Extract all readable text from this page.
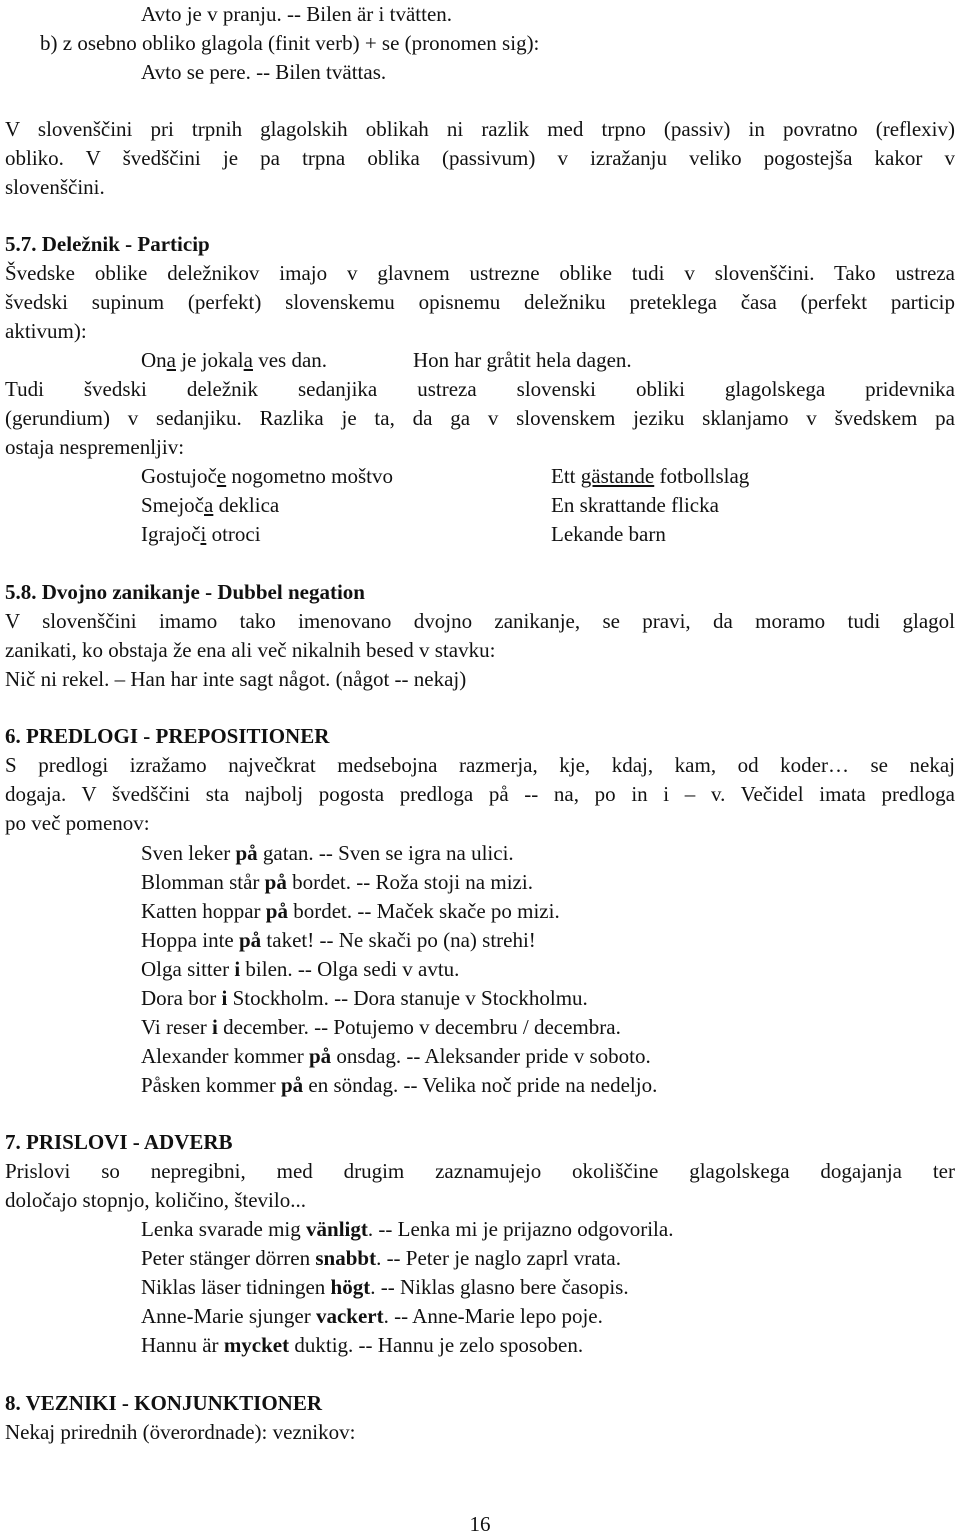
Avto je v pranju. -- Bilen är i tvätten.
b) z osebno obliko glagola (finit verb) + se (pronomen sig):
Avto se pere. -- Bilen tvättas.
V slovenščini pri trpnih glagolskih oblikah ni razlik med trpno (passiv) in povratno (reflexiv)
obliko. V švedščini je pa trpna oblika (passivum) v izražanju veliko pogostejša kakor v
slovenščini.
5.7. Deležnik - Particip
Švedske oblike deležnikov imajo v glavnem ustrezne oblike tudi v slovenščini. Tako ustreza
švedski supinum (perfekt) slovenskemu opisnemu deležniku preteklega časa (perfekt particip
aktivum):
Ona je jokala ves dan.	Hon har gråtit hela dagen.
Tudi švedski deležnik sedanjika ustreza slovenski obliki glagolskega pridevnika
(gerundium) v sedanjiku. Razlika je ta, da ga v slovenskem jeziku sklanjamo v švedskem pa
ostaja nespremenljiv:
Gostujoče nogometno moštvo	Ett gästande fotbollslag
Smejoča deklica	En skrattande flicka
Igrajoči otroci	Lekande barn
5.8. Dvojno zanikanje - Dubbel negation
V slovenščini imamo tako imenovano dvojno zanikanje, se pravi, da moramo tudi glagol
zanikati, ko obstaja že ena ali več nikalnih besed v stavku:
Nič ni rekel. – Han har inte sagt något. (något -- nekaj)
6. PREDLOGI - PREPOSITIONER
S predlogi izražamo največkrat medsebojna razmerja, kje, kdaj, kam, od koder… se nekaj
dogaja. V švedščini sta najbolj pogosta predloga på -- na, po in i – v. Večidel imata predloga
po več pomenov:
Sven leker på gatan. -- Sven se igra na ulici.
Blomman står på bordet. -- Roža stoji na mizi.
Katten hoppar på bordet. -- Maček skače po mizi.
Hoppa inte på taket! -- Ne skači po (na) strehi!
Olga sitter i bilen. -- Olga sedi v avtu.
Dora bor i Stockholm. -- Dora stanuje v Stockholmu.
Vi reser i december. -- Potujemo v decembru / decembra.
Alexander kommer på onsdag. -- Aleksander pride v soboto.
Påsken kommer på en söndag. -- Velika noč pride na nedeljo.
7. PRISLOVI - ADVERB
Prislovi so nepregibni, med drugim zaznamujejo okoliščine glagolskega dogajanja ter
določajo stopnjo, količino, število...
Lenka svarade mig vänligt. -- Lenka mi je prijazno odgovorila.
Peter stänger dörren snabbt. -- Peter je naglo zaprl vrata.
Niklas läser tidningen högt. -- Niklas glasno bere časopis.
Anne-Marie sjunger vackert. -- Anne-Marie lepo poje.
Hannu är mycket duktig. -- Hannu je zelo sposoben.
8. VEZNIKI - KONJUNKTIONER
Nekaj prirednih (överordnade): veznikov:
16
